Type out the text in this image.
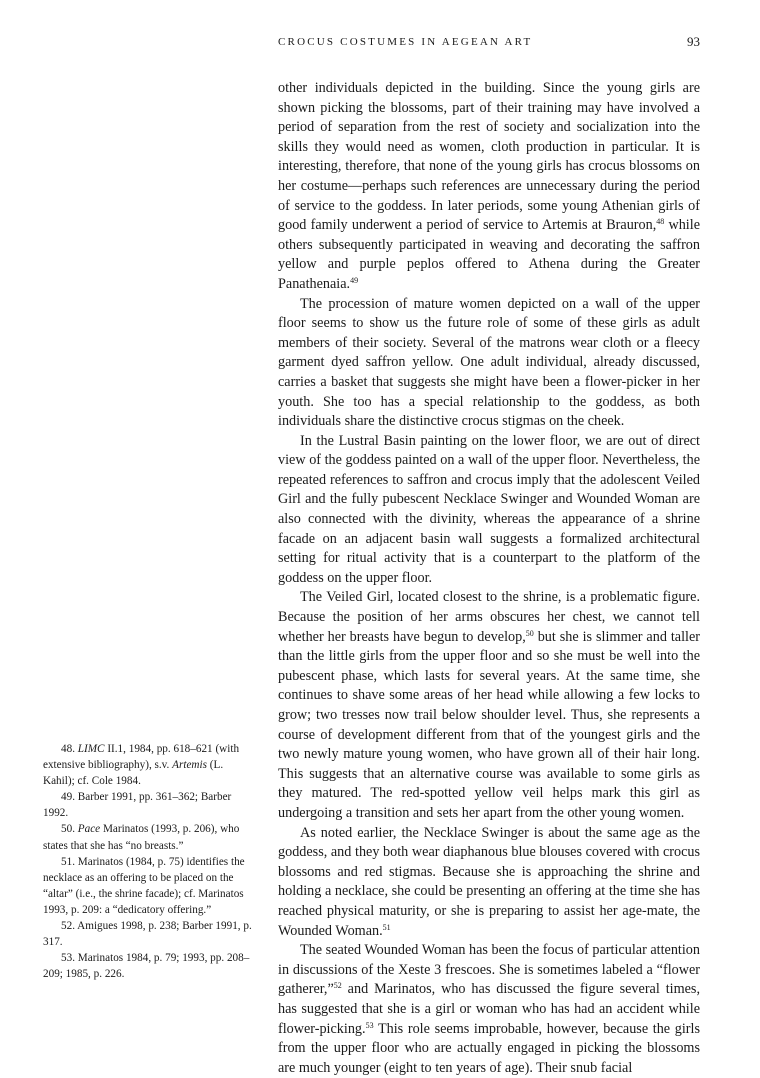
CROCUS COSTUMES IN AEGEAN ART	93

other individuals depicted in the building. Since the young girls are shown picking the blossoms, part of their training may have involved a period of separation from the rest of society and socialization into the skills they would need as women, cloth production in particular. It is interesting, therefore, that none of the young girls has crocus blossoms on her costume—perhaps such references are unnecessary during the period of service to the goddess. In later periods, some young Athenian girls of good family underwent a period of service to Artemis at Brauron,$^{48}$ while others subsequently participated in weaving and decorating the saffron yellow and purple peplos offered to Athena during the Greater Panathenaia.$^{49}$

The procession of mature women depicted on a wall of the upper floor seems to show us the future role of some of these girls as adult members of their society. Several of the matrons wear cloth or a fleecy garment dyed saffron yellow. One adult individual, already discussed, carries a basket that suggests she might have been a flower-picker in her youth. She too has a special relationship to the goddess, as both individuals share the distinctive crocus stigmas on the cheek.

In the Lustral Basin painting on the lower floor, we are out of direct view of the goddess painted on a wall of the upper floor. Nevertheless, the repeated references to saffron and crocus imply that the adolescent Veiled Girl and the fully pubescent Necklace Swinger and Wounded Woman are also connected with the divinity, whereas the appearance of a shrine facade on an adjacent basin wall suggests a formalized architectural setting for ritual activity that is a counterpart to the platform of the goddess on the upper floor.

The Veiled Girl, located closest to the shrine, is a problematic figure. Because the position of her arms obscures her chest, we cannot tell whether her breasts have begun to develop,$^{50}$ but she is slimmer and taller than the little girls from the upper floor and so she must be well into the pubescent phase, which lasts for several years. At the same time, she continues to shave some areas of her head while allowing a few locks to grow; two tresses now trail below shoulder level. Thus, she represents a course of development different from that of the youngest girls and the two newly mature young women, who have grown all of their hair long. This suggests that an alternative course was available to some girls as they matured. The red-spotted yellow veil helps mark this girl as undergoing a transition and sets her apart from the other young women.

As noted earlier, the Necklace Swinger is about the same age as the goddess, and they both wear diaphanous blue blouses covered with crocus blossoms and red stigmas. Because she is approaching the shrine and holding a necklace, she could be presenting an offering at the time she has reached physical maturity, or she is preparing to assist her age-mate, the Wounded Woman.$^{51}$

The seated Wounded Woman has been the focus of particular attention in discussions of the Xeste 3 frescoes. She is sometimes labeled a “flower gatherer,”$^{52}$ and Marinatos, who has discussed the figure several times, has suggested that she is a girl or woman who has had an accident while flower-picking.$^{53}$ This role seems improbable, however, because the girls from the upper floor who are actually engaged in picking the blossoms are much younger (eight to ten years of age). Their snub facial

48. LIMC II.1, 1984, pp. 618–621 (with extensive bibliography), s.v. Artemis (L. Kahil); cf. Cole 1984.

49. Barber 1991, pp. 361–362; Barber 1992.

50. Pace Marinatos (1993, p. 206), who states that she has “no breasts.”

51. Marinatos (1984, p. 75) identifies the necklace as an offering to be placed on the “altar” (i.e., the shrine facade); cf. Marinatos 1993, p. 209: a “dedicatory offering.”

52. Amigues 1998, p. 238; Barber 1991, p. 317.

53. Marinatos 1984, p. 79; 1993, pp. 208–209; 1985, p. 226.
